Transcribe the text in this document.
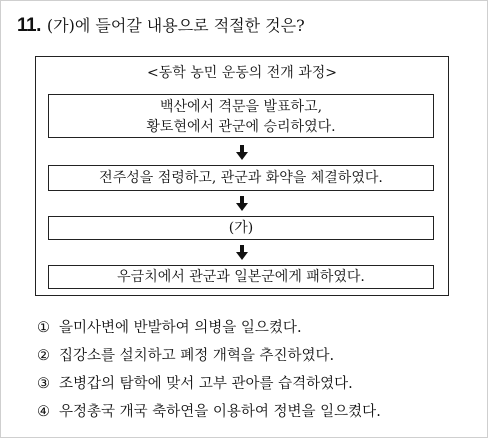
11. (가)에 들어갈 내용으로 적절한 것은?
<동학 농민 운동의 전개 과정>
백산에서 격문을 발표하고,
황토현에서 관군에 승리하였다.
전주성을 점령하고, 관군과 화약을 체결하였다.
(가)
우금치에서 관군과 일본군에게 패하였다.
① 을미사변에 반발하여 의병을 일으켰다.
② 집강소를 설치하고 폐정 개혁을 추진하였다.
③ 조병갑의 탐학에 맞서 고부 관아를 습격하였다.
④ 우정총국 개국 축하연을 이용하여 정변을 일으켰다.
